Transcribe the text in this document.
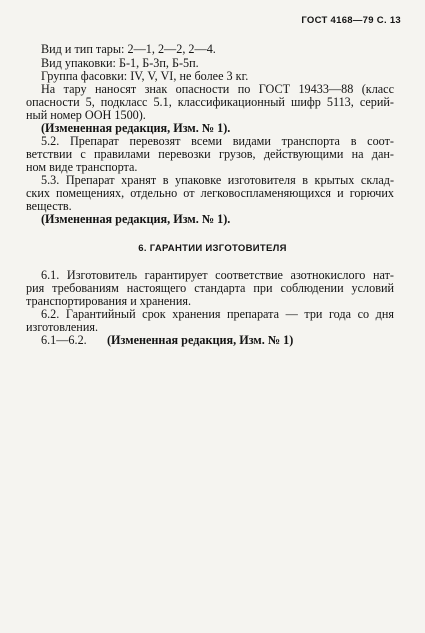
ГОСТ 4168—79 С. 13
Вид и тип тары: 2—1, 2—2, 2—4.
Вид упаковки: Б-1, Б-3п, Б-5п.
Группа фасовки: IV, V, VI, не более 3 кг.
На тару наносят знак опасности по ГОСТ 19433—88 (класс
опасности 5, подкласс 5.1, классификационный шифр 5113, серий-
ный номер ООН 1500).
(Измененная редакция, Изм. № 1).
5.2. Препарат перевозят всеми видами транспорта в соот-
ветствии с правилами перевозки грузов, действующими на дан-
ном виде транспорта.
5.3. Препарат хранят в упаковке изготовителя в крытых склад-
ских помещениях, отдельно от легковоспламеняющихся и горючих
веществ.
(Измененная редакция, Изм. № 1).
6. ГАРАНТИИ ИЗГОТОВИТЕЛЯ
6.1. Изготовитель гарантирует соответствие азотнокислого нат-
рия требованиям настоящего стандарта при соблюдении условий
транспортирования и хранения.
6.2. Гарантийный срок хранения препарата — три года со дня
изготовления.
6.1—6.2. (Измененная редакция, Изм. № 1)
